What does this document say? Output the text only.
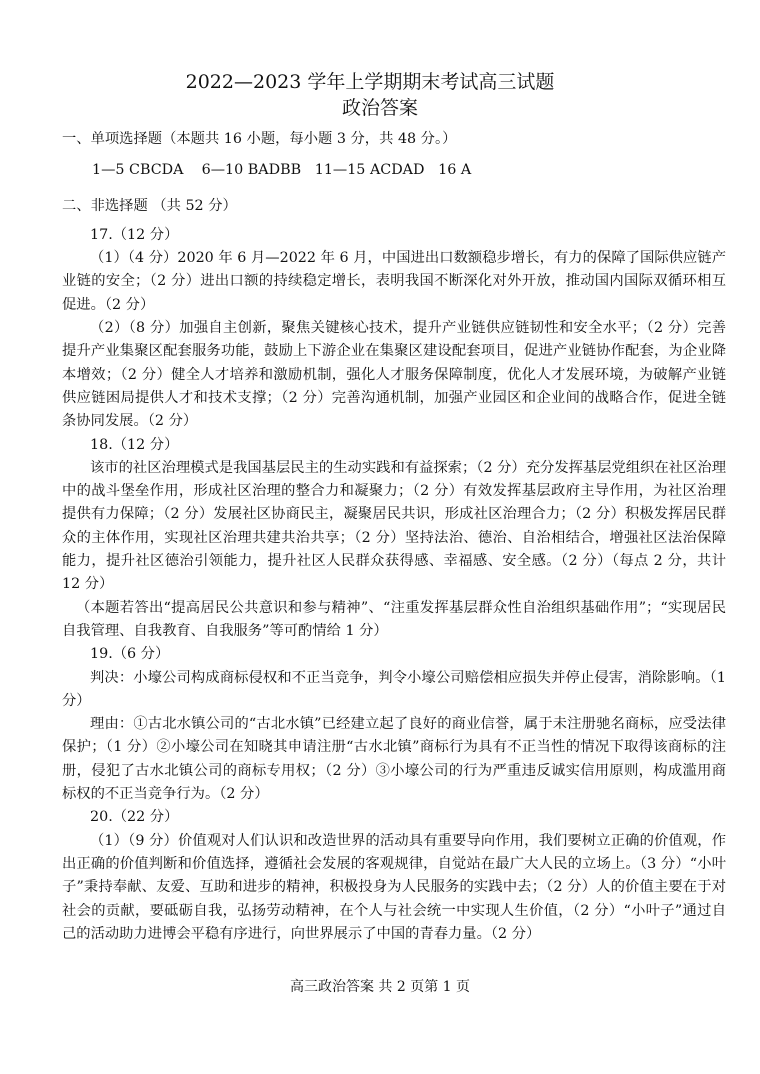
2022—2023 学年上学期期末考试高三试题
政治答案

一、单项选择题（本题共 16 小题，每小题 3 分，共 48 分。）

1—5 CBCDA    6—10 BADBB   11—15 ACDAD   16 A

二、非选择题 （共 52 分）

17.（12 分）

（1）（4 分）2020 年 6 月—2022 年 6 月，中国进出口数额稳步增长，有力的保障了国际供应链产业链的安全；（2 分）进出口额的持续稳定增长，表明我国不断深化对外开放，推动国内国际双循环相互促进。（2 分）

（2）（8 分）加强自主创新，聚焦关键核心技术，提升产业链供应链韧性和安全水平；（2 分）完善提升产业集聚区配套服务功能，鼓励上下游企业在集聚区建设配套项目，促进产业链协作配套，为企业降本增效；（2 分）健全人才培养和激励机制，强化人才服务保障制度，优化人才发展环境，为破解产业链供应链困局提供人才和技术支撑；（2 分）完善沟通机制，加强产业园区和企业间的战略合作，促进全链条协同发展。（2 分）

18.（12 分）

该市的社区治理模式是我国基层民主的生动实践和有益探索；（2 分）充分发挥基层党组织在社区治理中的战斗堡垒作用，形成社区治理的整合力和凝聚力；（2 分）有效发挥基层政府主导作用，为社区治理提供有力保障；（2 分）发展社区协商民主，凝聚居民共识，形成社区治理合力；（2 分）积极发挥居民群众的主体作用，实现社区治理共建共治共享；（2 分）坚持法治、德治、自治相结合，增强社区法治保障能力，提升社区德治引领能力，提升社区人民群众获得感、幸福感、安全感。（2 分）（每点 2 分，共计 12 分）

（本题若答出“提高居民公共意识和参与精神”、“注重发挥基层群众性自治组织基础作用”；“实现居民自我管理、自我教育、自我服务”等可酌情给 1 分）

19.（6 分）

判决：小壕公司构成商标侵权和不正当竞争，判令小壕公司赔偿相应损失并停止侵害，消除影响。（1 分）

理由：①古北水镇公司的“古北水镇”已经建立起了良好的商业信誉，属于未注册驰名商标，应受法律保护；（1 分）②小壕公司在知晓其申请注册“古水北镇”商标行为具有不正当性的情况下取得该商标的注册，侵犯了古水北镇公司的商标专用权；（2 分）③小壕公司的行为严重违反诚实信用原则，构成滥用商标权的不正当竞争行为。（2 分）

20.（22 分）

（1）（9 分）价值观对人们认识和改造世界的活动具有重要导向作用，我们要树立正确的价值观，作出正确的价值判断和价值选择，遵循社会发展的客观规律，自觉站在最广大人民的立场上。（3 分）“小叶子”秉持奉献、友爱、互助和进步的精神，积极投身为人民服务的实践中去；（2 分）人的价值主要在于对社会的贡献，要砥砺自我，弘扬劳动精神，在个人与社会统一中实现人生价值，（2 分）“小叶子”通过自己的活动助力进博会平稳有序进行，向世界展示了中国的青春力量。（2 分）

高三政治答案 共 2 页第 1 页
